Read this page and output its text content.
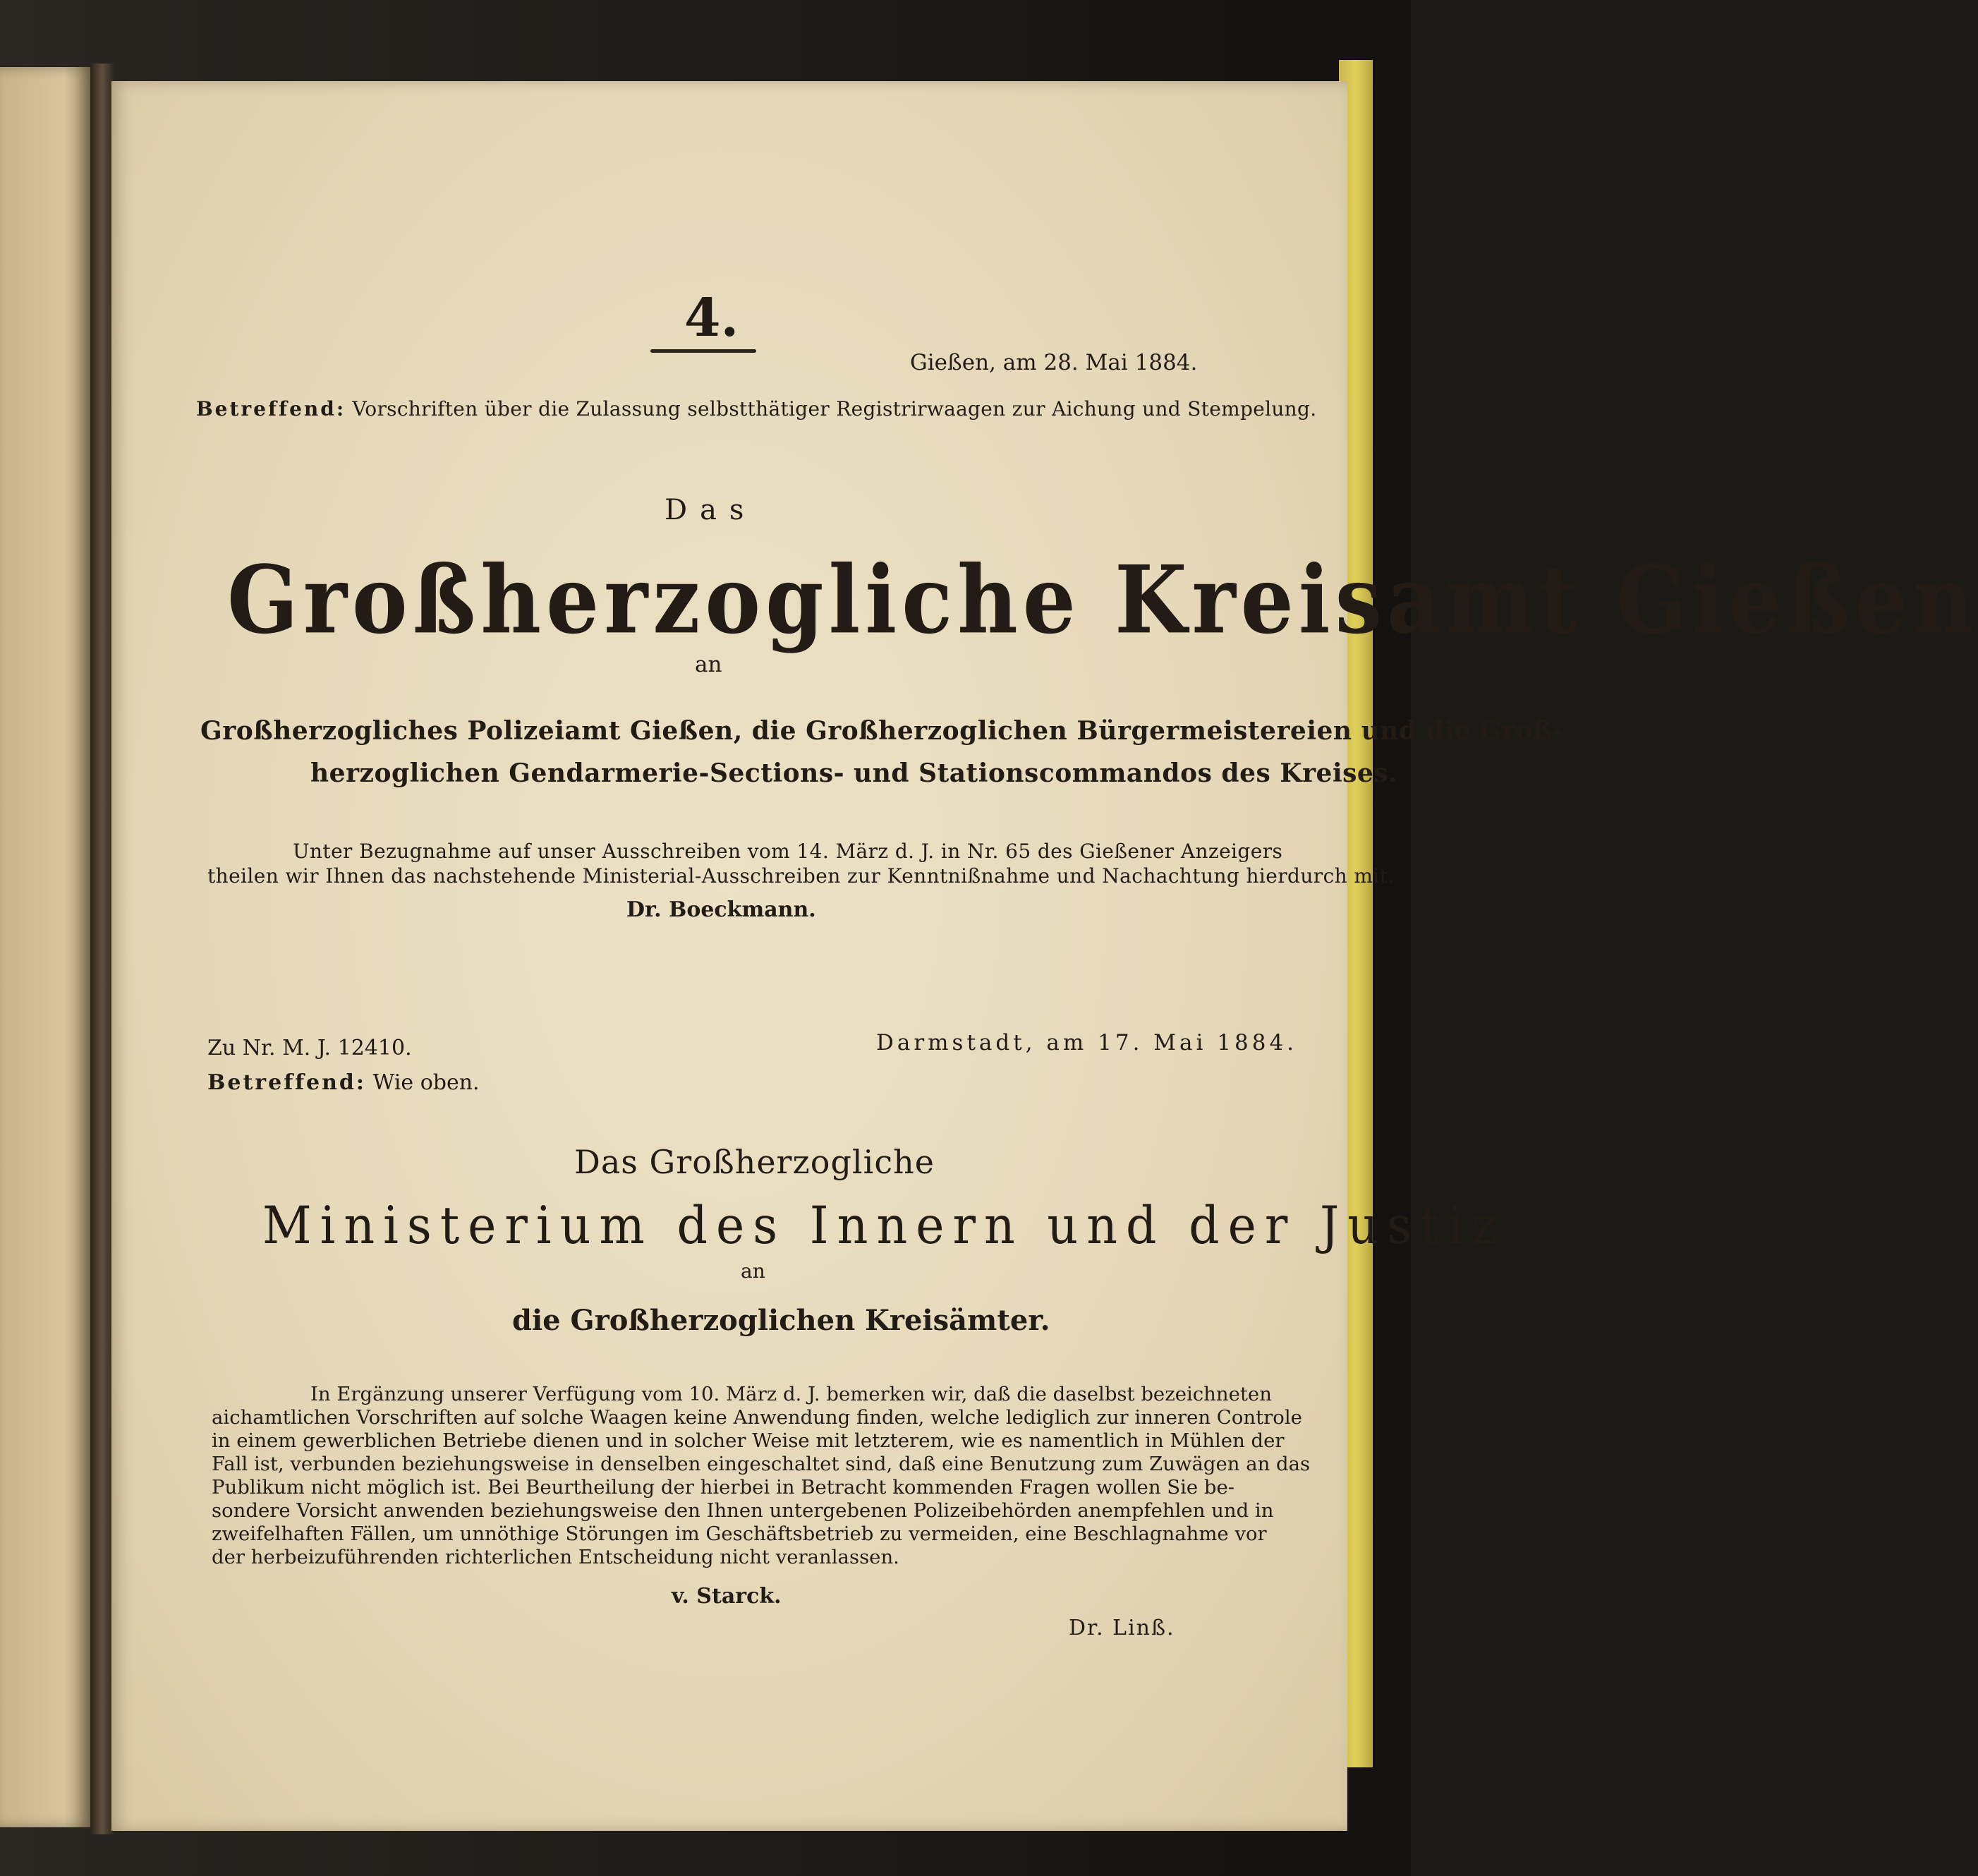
4.
Gießen, am 28. Mai 1884.
Betreffend: Vorschriften über die Zulassung selbstthätiger Registrirwaagen zur Aichung und Stempelung.
Das
Großherzogliche Kreisamt Gießen
an
Großherzogliches Polizeiamt Gießen, die Großherzoglichen Bürgermeistereien und die Groß-
herzoglichen Gendarmerie-Sections- und Stationscommandos des Kreises.
Unter Bezugnahme auf unser Ausschreiben vom 14. März d. J. in Nr. 65 des Gießener Anzeigers
theilen wir Ihnen das nachstehende Ministerial-Ausschreiben zur Kenntnißnahme und Nachachtung hierdurch mit.
Dr. Boeckmann.
Zu Nr. M. J. 12410.	Darmstadt, am 17. Mai 1884.
Betreffend: Wie oben.
Das Großherzogliche
Ministerium des Innern und der Justiz
an
die Großherzoglichen Kreisämter.
In Ergänzung unserer Verfügung vom 10. März d. J. bemerken wir, daß die daselbst bezeichneten
aichamtlichen Vorschriften auf solche Waagen keine Anwendung finden, welche lediglich zur inneren Controle
in einem gewerblichen Betriebe dienen und in solcher Weise mit letzterem, wie es namentlich in Mühlen der
Fall ist, verbunden beziehungsweise in denselben eingeschaltet sind, daß eine Benutzung zum Zuwägen an das
Publikum nicht möglich ist. Bei Beurtheilung der hierbei in Betracht kommenden Fragen wollen Sie be-
sondere Vorsicht anwenden beziehungsweise den Ihnen untergebenen Polizeibehörden anempfehlen und in
zweifelhaften Fällen, um unnöthige Störungen im Geschäftsbetrieb zu vermeiden, eine Beschlagnahme vor
der herbeizuführenden richterlichen Entscheidung nicht veranlassen.
v. Starck.
Dr. Linß.
